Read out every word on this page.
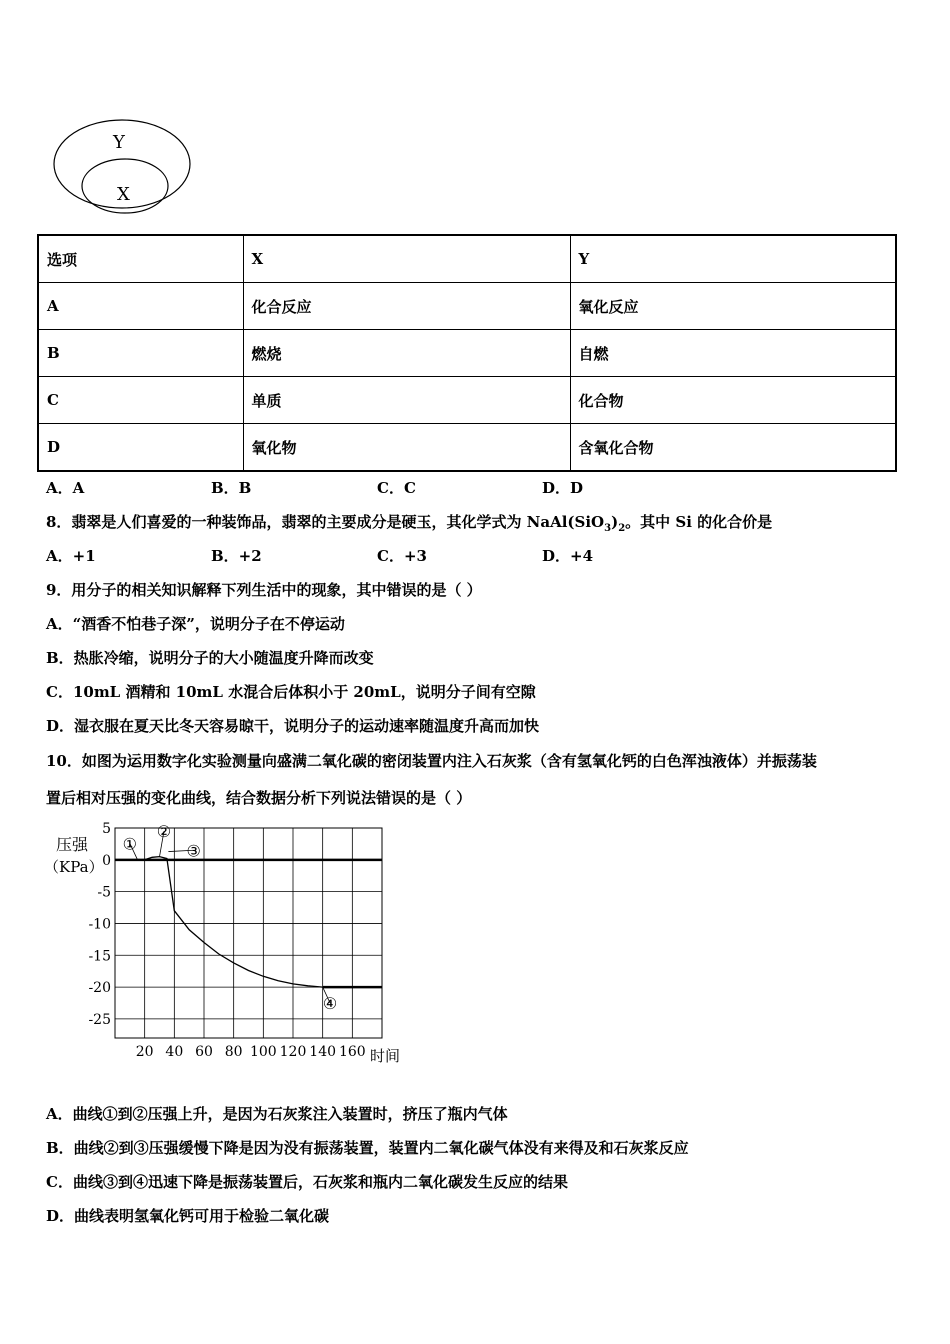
Y
X
选项	X	Y
A	化合反应	氧化反应
B	燃烧	自燃
C	单质	化合物
D	氧化物	含氧化合物
A．A	B．B	C．C	D．D
8．翡翠是人们喜爱的一种装饰品，翡翠的主要成分是硬玉，其化学式为 $NaAl(SiO_3)_2$。其中 Si 的化合价是
A．+1	B．+2	C．+3	D．+4
9．用分子的相关知识解释下列生活中的现象，其中错误的是（ ）
A．“酒香不怕巷子深”，说明分子在不停运动
B．热胀冷缩，说明分子的大小随温度升降而改变
C．10mL 酒精和 10mL 水混合后体积小于 20mL，说明分子间有空隙
D．湿衣服在夏天比冬天容易晾干，说明分子的运动速率随温度升高而加快
10．如图为运用数字化实验测量向盛满二氧化碳的密闭装置内注入石灰浆（含有氢氧化钙的白色浑浊液体）并振荡装
置后相对压强的变化曲线，结合数据分析下列说法错误的是（ ）
压强
（KPa）
时间
5
0
-5
-10
-15
-20
-25
20 40 60 80 100 120 140 160
①
②
③
④
A．曲线①到②压强上升，是因为石灰浆注入装置时，挤压了瓶内气体
B．曲线②到③压强缓慢下降是因为没有振荡装置，装置内二氧化碳气体没有来得及和石灰浆反应
C．曲线③到④迅速下降是振荡装置后，石灰浆和瓶内二氧化碳发生反应的结果
D．曲线表明氢氧化钙可用于检验二氧化碳
